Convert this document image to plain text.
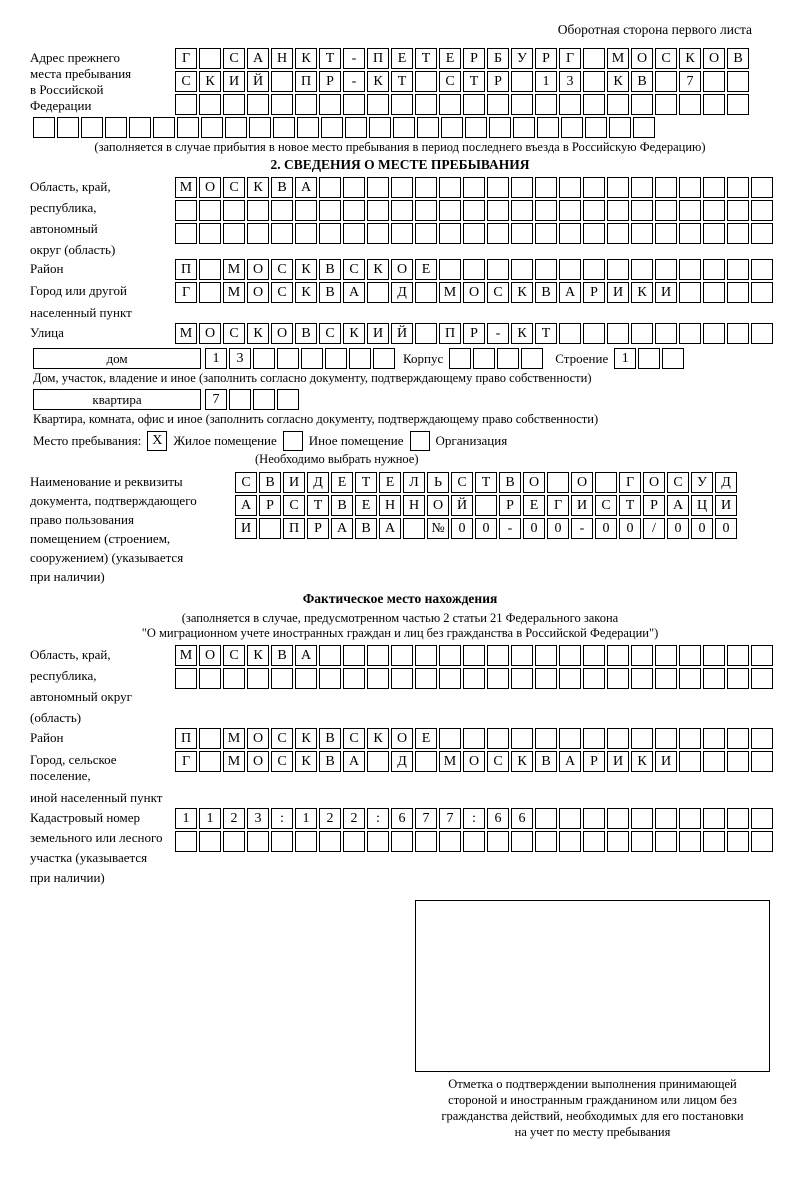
Оборотная сторона первого листа
Адрес прежнего
места пребывания
в Российской
Федерации
Г	С	А Н	К	Т	-	П	Е	Т	Е	Р	Б	У	Р	Г	М О	С	К	О	В
С	К	И Й	П	Р	-	К	Т	С	Т	Р	1	3	К	В	7
(заполняется в случае прибытия в новое место пребывания в период последнего въезда в Российскую Федерацию)
2. СВЕДЕНИЯ О МЕСТЕ ПРЕБЫВАНИЯ
Область, край,
республика,
автономный
округ (область)
М О	С	К	В	А
Район	П	М О	С	К	В	С	К	О	Е
Город или другой
населенный пункт
Г	М О	С	К	В	А	Д	М О	С	К	В	А	Р	И	К	И
Улица	М О	С	К	О	В	С	К	И Й	П	Р	-	К	Т
дом	1	3	Корпус	Строение 1
Дом, участок, владение и иное (заполнить согласно документу, подтверждающему право собственности)
квартира	7
Квартира, комната, офис и иное (заполнить согласно документу, подтверждающему право собственности)
Место пребывания: X Жилое помещение Иное помещение Организация
(Необходимо выбрать нужное)
Наименование и реквизиты
документа, подтверждающего
право пользования
помещением (строением,
сооружением) (указывается
при наличии)
С	В	И	Д	Е	Т	Е	Л	Ь	С	Т	В	О	О	Г	О	С	У	Д
А	Р	С	Т	В	Е	Н Н О Й	Р	Е	Г	И	С	Т	Р	А Ц И
И	П	Р	А	В	А	№ 0	0	-	0	0	-	0	0	/	0	0	0
Фактическое место нахождения
(заполняется в случае, предусмотренном частью 2 статьи 21 Федерального закона
"О миграционном учете иностранных граждан и лиц без гражданства в Российской Федерации")
Область, край,
республика,
автономный округ
(область)
М О	С	К	В	А
Район	П	М О	С	К	В	С	К	О	Е
Город, сельское поселение,
иной населенный пункт
Г	М О	С	К	В	А	Д	М О	С	К	В	А	Р	И	К	И
Кадастровый номер
земельного или лесного
участка (указывается
при наличии)
1	1	2	3	:	1	2	2	:	6	7	7	:	6	6
Отметка о подтверждении выполнения принимающей
стороной и иностранным гражданином или лицом без
гражданства действий, необходимых для его постановки
на учет по месту пребывания
